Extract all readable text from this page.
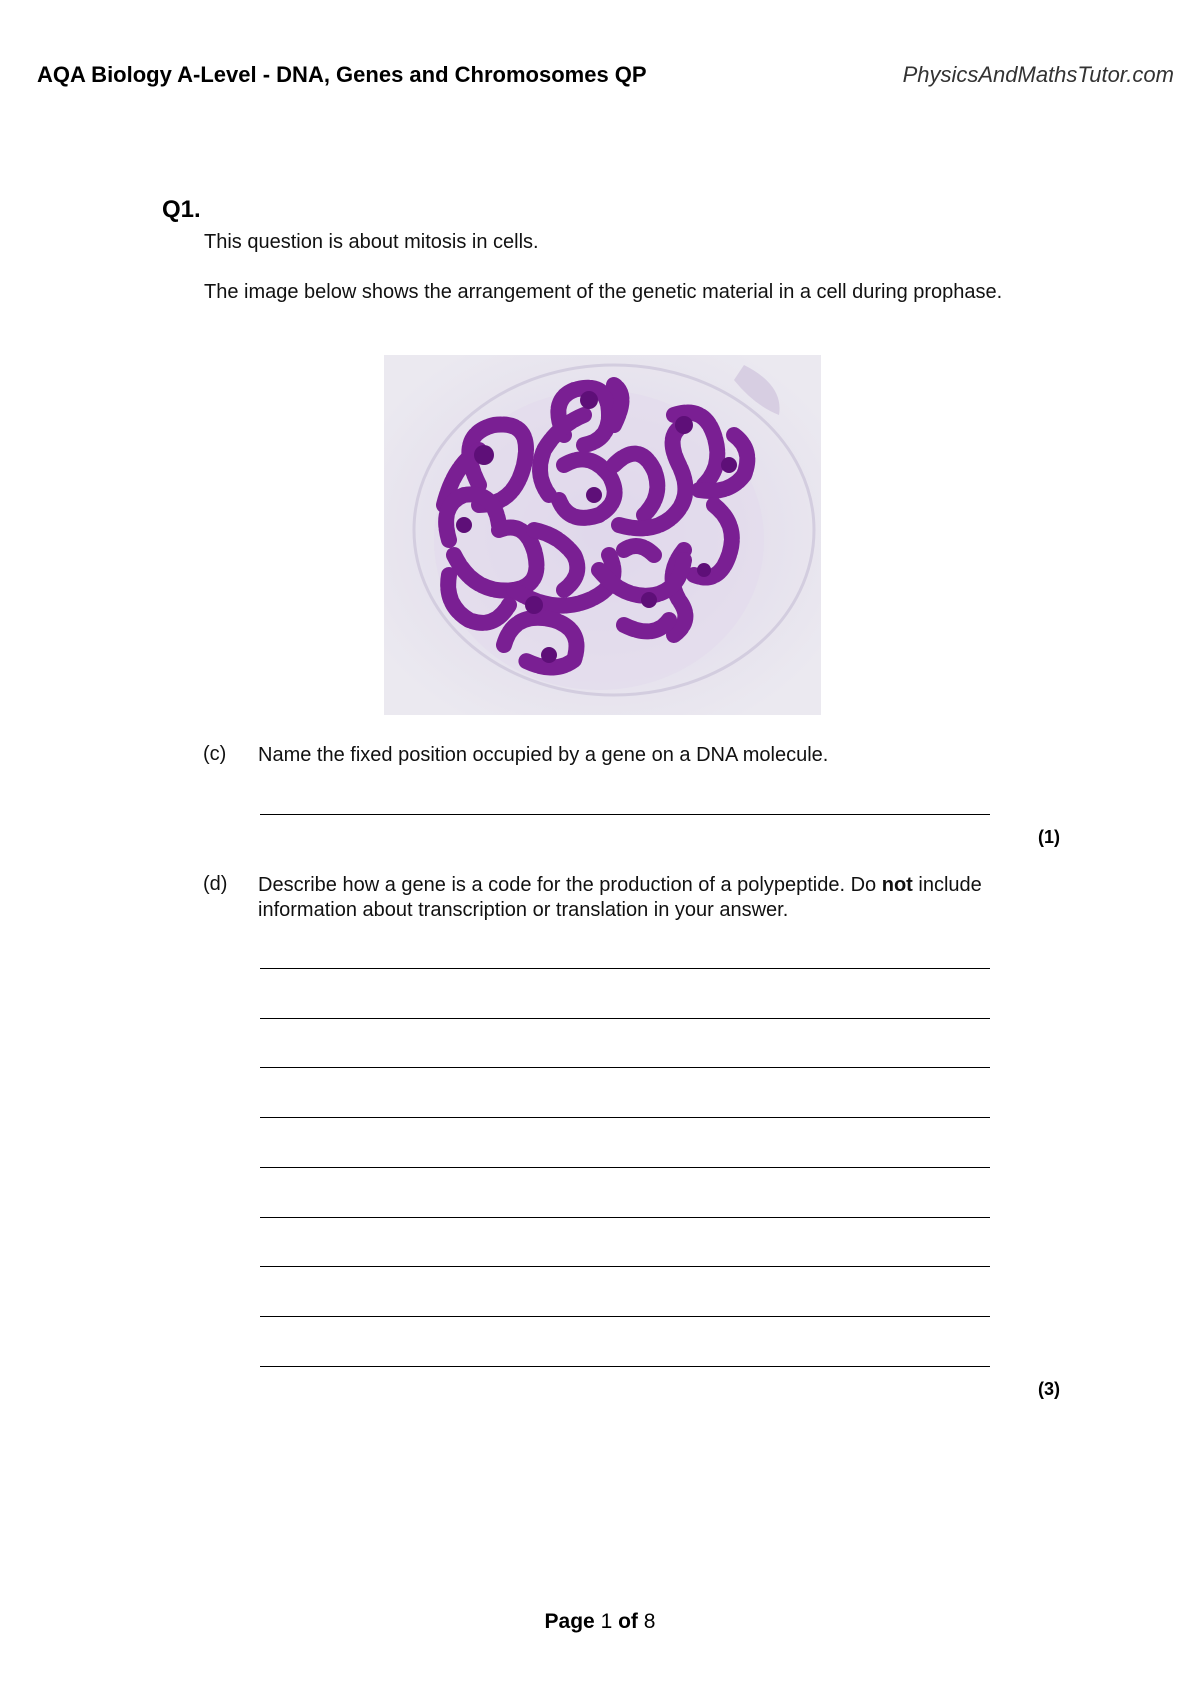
AQA Biology A-Level - DNA, Genes and Chromosomes QP	PhysicsAndMathsTutor.com
Q1.
This question is about mitosis in cells.
The image below shows the arrangement of the genetic material in a cell during prophase.
(c) Name the fixed position occupied by a gene on a DNA molecule.
(1)
(d) Describe how a gene is a code for the production of a polypeptide. Do not include information about transcription or translation in your answer.
(3)
Page 1 of 8
